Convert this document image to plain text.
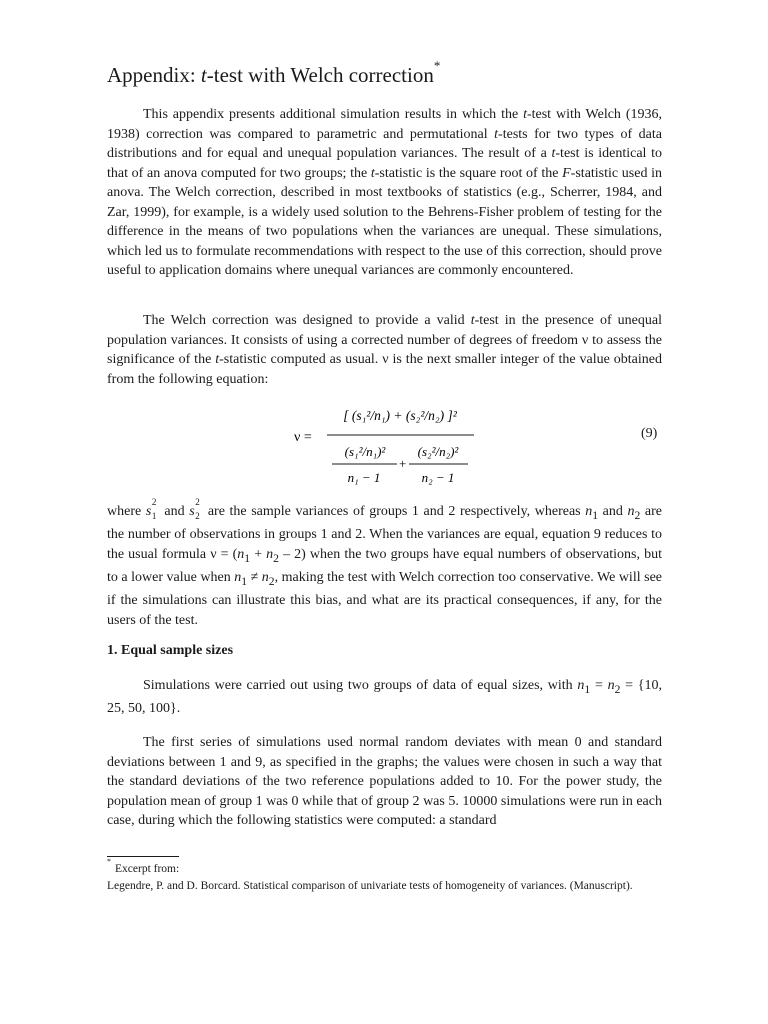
Appendix: t-test with Welch correction*

This appendix presents additional simulation results in which the t-test with Welch (1936, 1938) correction was compared to parametric and permutational t-tests for two types of data distributions and for equal and unequal population variances. The result of a t-test is identical to that of an anova computed for two groups; the t-statistic is the square root of the F-statistic used in anova. The Welch correction, described in most textbooks of statistics (e.g., Scherrer, 1984, and Zar, 1999), for example, is a widely used solution to the Behrens-Fisher problem of testing for the difference in the means of two populations when the variances are unequal. These simulations, which led us to formulate recommendations with respect to the use of this correction, should prove useful to application domains where unequal variances are commonly encountered.

The Welch correction was designed to provide a valid t-test in the presence of unequal population variances. It consists of using a corrected number of degrees of freedom ν to assess the significance of the t-statistic computed as usual. ν is the next smaller integer of the value obtained from the following equation:

ν =
[ (s₁²/n₁) + (s₂²/n₂) ]²
(s₁²/n₁)²
n₁ − 1
+
(s₂²/n₂)²
n₂ − 1
(9)

where s
2
1 and s
2
2 are the sample variances of groups 1 and 2 respectively, whereas $n_1$ and $n_2$ are the number of observations in groups 1 and 2. When the variances are equal, equation 9 reduces to the usual formula $\nu = (n_1 + n_2 - 2)$ when the two groups have equal numbers of observations, but to a lower value when $n_1 \ne n_2$, making the test with Welch correction too conservative. We will see if the simulations can illustrate this bias, and what are its practical consequences, if any, for the users of the test.

1. Equal sample sizes

Simulations were carried out using two groups of data of equal sizes, with $n_1 = n_2 = \{10$, 25, 50, 100}.

The first series of simulations used normal random deviates with mean 0 and standard deviations between 1 and 9, as specified in the graphs; the values were chosen in such a way that the standard deviations of the two reference populations added to 10. For the power study, the population mean of group 1 was 0 while that of group 2 was 5. 10000 simulations were run in each case, during which the following statistics were computed: a standard

*Excerpt from:
Legendre, P. and D. Borcard. Statistical comparison of univariate tests of homogeneity of variances. (Manuscript).
